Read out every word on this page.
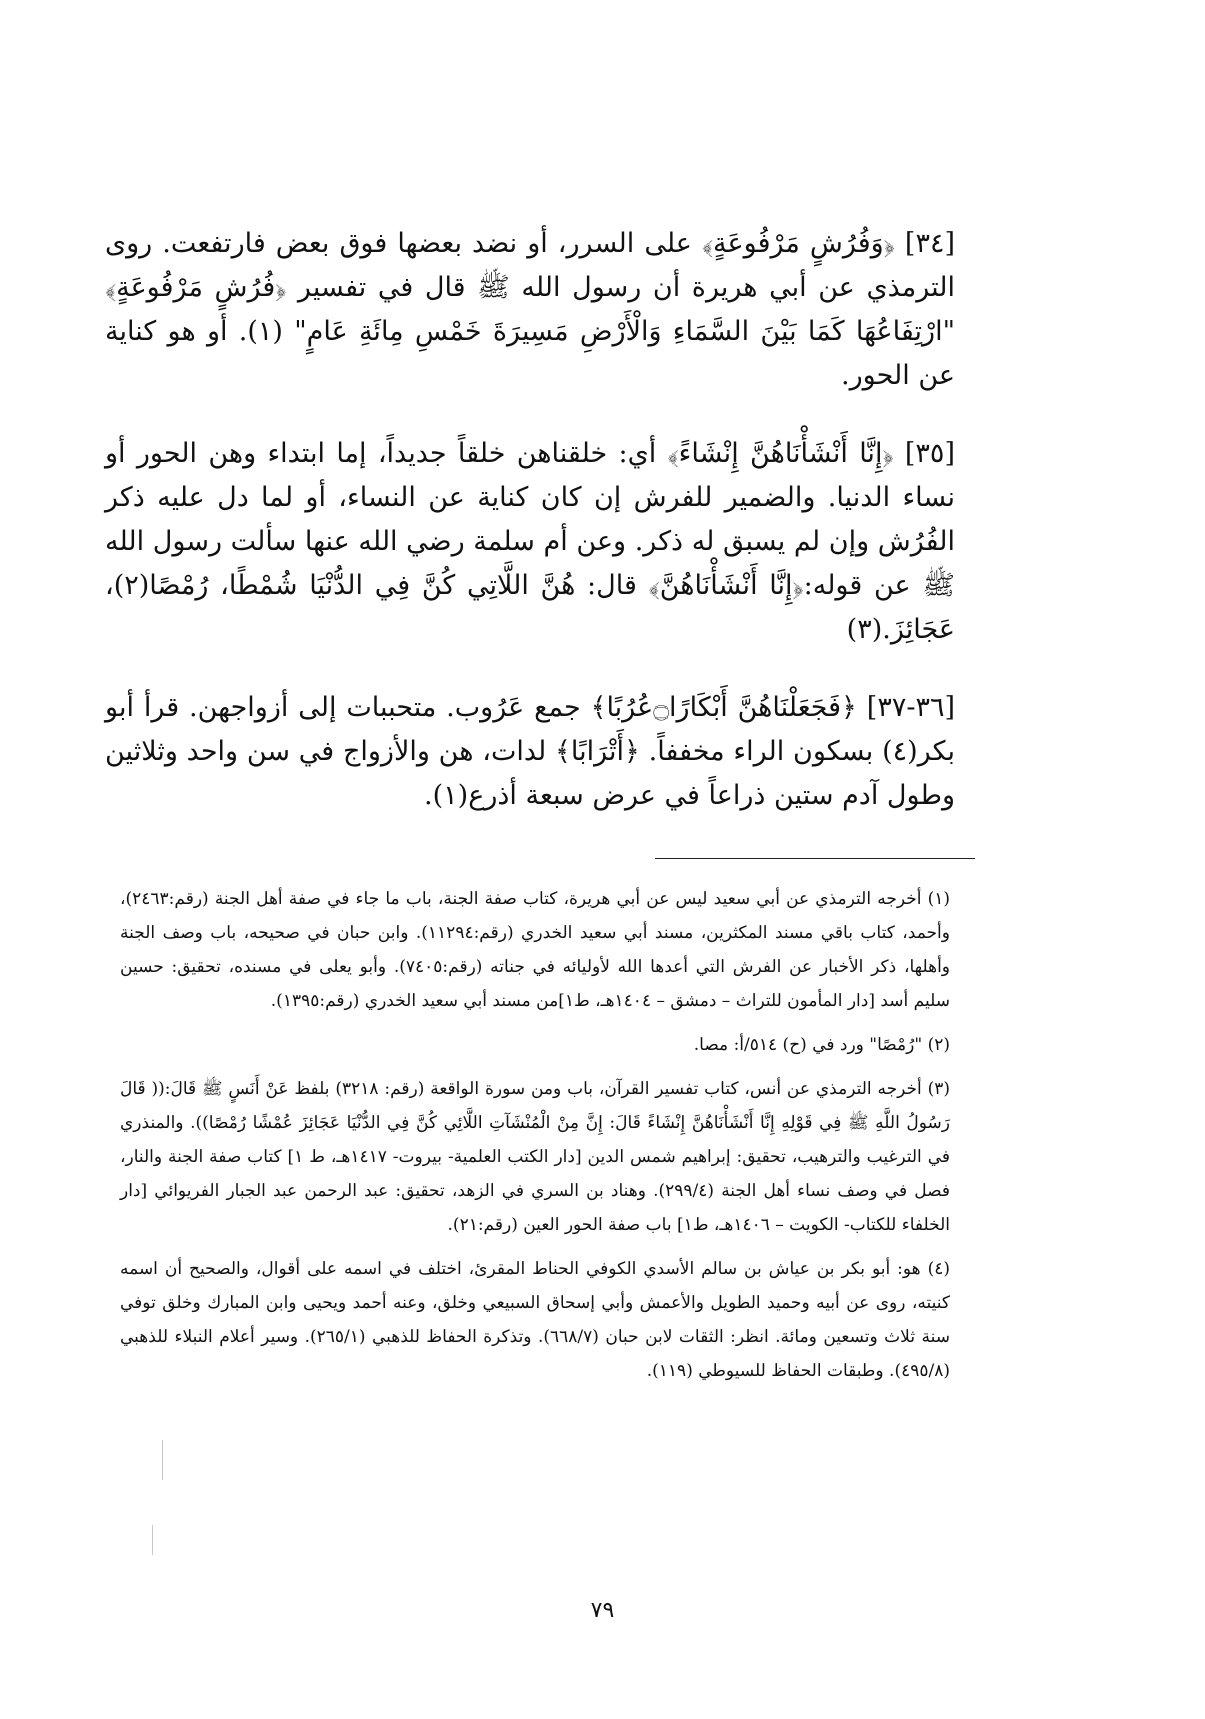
[٣٤] ﴿وَفُرُشٍ مَرْفُوعَةٍ﴾ على السرر، أو نضد بعضها فوق بعض فارتفعت. روى الترمذي عن أبي هريرة أن رسول الله ﷺ قال في تفسير ﴿فُرُشٍ مَرْفُوعَةٍ﴾ "ارْتِفَاعُهَا كَمَا بَيْنَ السَّمَاءِ وَالْأَرْضِ مَسِيرَةَ خَمْسِ مِائَةِ عَامٍ" (١). أو هو كناية عن الحور.

[٣٥] ﴿إِنَّا أَنْشَأْنَاهُنَّ إِنْشَاءً﴾ أي: خلقناهن خلقاً جديداً، إما ابتداء وهن الحور أو نساء الدنيا. والضمير للفرش إن كان كناية عن النساء، أو لما دل عليه ذكر الفُرُش وإن لم يسبق له ذكر. وعن أم سلمة رضي الله عنها سألت رسول الله ﷺ عن قوله:﴿إِنَّا أَنْشَأْنَاهُنَّ﴾ قال: هُنَّ اللَّاتِي كُنَّ فِي الدُّنْيَا شُمْطًا، رُمْصًا(٢)، عَجَائِزَ.(٣)

[٣٦-٣٧] ﴿فَجَعَلْنَاهُنَّ أَبْكَارًا۝عُرُبًا﴾ جمع عَرُوب. متحببات إلى أزواجهن. قرأ أبو بكر(٤) بسكون الراء مخففاً. ﴿أَتْرَابًا﴾ لدات، هن والأزواج في سن واحد وثلاثين وطول آدم ستين ذراعاً في عرض سبعة أذرع(١).

(١) أخرجه الترمذي عن أبي سعيد ليس عن أبي هريرة، كتاب صفة الجنة، باب ما جاء في صفة أهل الجنة (رقم:٢٤٦٣)، وأحمد، كتاب باقي مسند المكثرين، مسند أبي سعيد الخدري (رقم:١١٢٩٤). وابن حبان في صحيحه، باب وصف الجنة وأهلها، ذكر الأخبار عن الفرش التي أعدها الله لأوليائه في جناته (رقم:٧٤٠٥). وأبو يعلى في مسنده، تحقيق: حسين سليم أسد [دار المأمون للتراث – دمشق – ١٤٠٤هـ، ط١]من مسند أبي سعيد الخدري (رقم:١٣٩٥).

(٢) "رُمْصًا" ورد في (ح) ٥١٤/أ: مصا.

(٣) أخرجه الترمذي عن أنس، كتاب تفسير القرآن، باب ومن سورة الواقعة (رقم: ٣٢١٨) بلفظ عَنْ أَنَسٍ ﷺ قَالَ:(( قَالَ رَسُولُ اللَّهِ ﷺ فِي قَوْلِهِ إِنَّا أَنْشَأْنَاهُنَّ إِنْشَاءً قَالَ: إِنَّ مِنْ الْمُنْشَآتِ اللَّائِي كُنَّ فِي الدُّنْيَا عَجَائِزَ عُمْشًا رُمْصًا)). والمنذري في الترغيب والترهيب، تحقيق: إبراهيم شمس الدين [دار الكتب العلمية- بيروت- ١٤١٧هـ، ط ١] كتاب صفة الجنة والنار، فصل في وصف نساء أهل الجنة (٢٩٩/٤). وهناد بن السري في الزهد، تحقيق: عبد الرحمن عبد الجبار الفريوائي [دار الخلفاء للكتاب- الكويت – ١٤٠٦هـ، ط١] باب صفة الحور العين (رقم:٢١).

(٤) هو: أبو بكر بن عياش بن سالم الأسدي الكوفي الحناط المقرئ، اختلف في اسمه على أقوال، والصحيح أن اسمه كنيته، روى عن أبيه وحميد الطويل والأعمش وأبي إسحاق السبيعي وخلق، وعنه أحمد ويحيى وابن المبارك وخلق توفي سنة ثلاث وتسعين ومائة. انظر: الثقات لابن حبان (٦٦٨/٧). وتذكرة الحفاظ للذهبي (٢٦٥/١). وسير أعلام النبلاء للذهبي (٤٩٥/٨). وطبقات الحفاظ للسيوطي (١١٩).

٧٩
